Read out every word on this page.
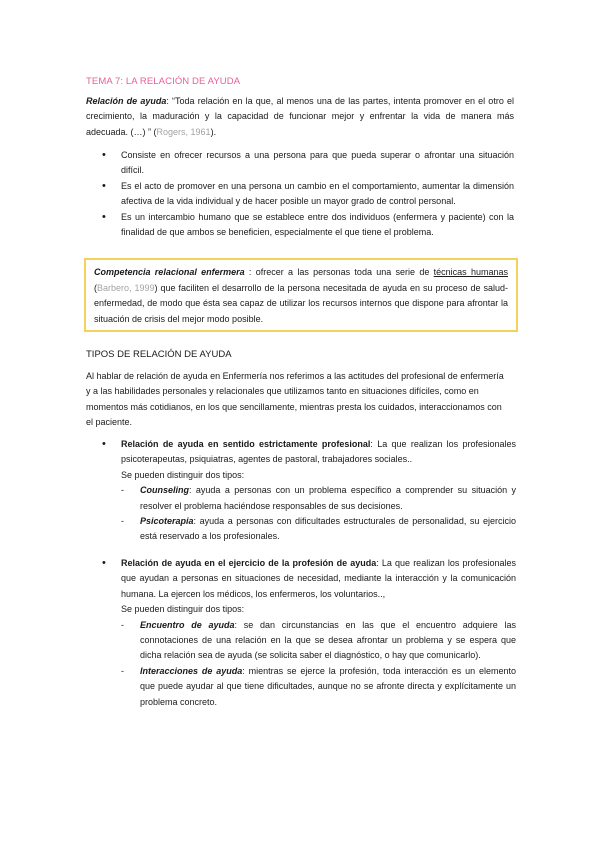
TEMA 7: LA RELACIÓN DE AYUDA
Relación de ayuda: “Toda relación en la que, al menos una de las partes, intenta promover en el otro el crecimiento, la maduración y la capacidad de funcionar mejor y enfrentar la vida de manera más adecuada. (…) ” (Rogers, 1961).
• Consiste en ofrecer recursos a una persona para que pueda superar o afrontar una situación difícil.
• Es el acto de promover en una persona un cambio en el comportamiento, aumentar la dimensión afectiva de la vida individual y de hacer posible un mayor grado de control personal.
• Es un intercambio humano que se establece entre dos individuos (enfermera y paciente) con la finalidad de que ambos se beneficien, especialmente el que tiene el problema.
Competencia relacional enfermera : ofrecer a las personas toda una serie de técnicas humanas (Barbero, 1999) que faciliten el desarrollo de la persona necesitada de ayuda en su proceso de salud-enfermedad, de modo que ésta sea capaz de utilizar los recursos internos que dispone para afrontar la situación de crisis del mejor modo posible.
TIPOS DE RELACIÓN DE AYUDA
Al hablar de relación de ayuda en Enfermería nos referimos a las actitudes del profesional de enfermería y a las habilidades personales y relacionales que utilizamos tanto en situaciones difíciles, como en momentos más cotidianos, en los que sencillamente, mientras presta los cuidados, interaccionamos con el paciente.
• Relación de ayuda en sentido estrictamente profesional: La que realizan los profesionales psicoterapeutas, psiquiatras, agentes de pastoral, trabajadores sociales..
Se pueden distinguir dos tipos:
- Counseling: ayuda a personas con un problema específico a comprender su situación y resolver el problema haciéndose responsables de sus decisiones.
- Psicoterapia: ayuda a personas con dificultades estructurales de personalidad, su ejercicio está reservado a los profesionales.
• Relación de ayuda en el ejercicio de la profesión de ayuda: La que realizan los profesionales que ayudan a personas en situaciones de necesidad, mediante la interacción y la comunicación humana. La ejercen los médicos, los enfermeros, los voluntarios..,
Se pueden distinguir dos tipos:
- Encuentro de ayuda: se dan circunstancias en las que el encuentro adquiere las connotaciones de una relación en la que se desea afrontar un problema y se espera que dicha relación sea de ayuda (se solicita saber el diagnóstico, o hay que comunicarlo).
- Interacciones de ayuda: mientras se ejerce la profesión, toda interacción es un elemento que puede ayudar al que tiene dificultades, aunque no se afronte directa y explícitamente un problema concreto.
